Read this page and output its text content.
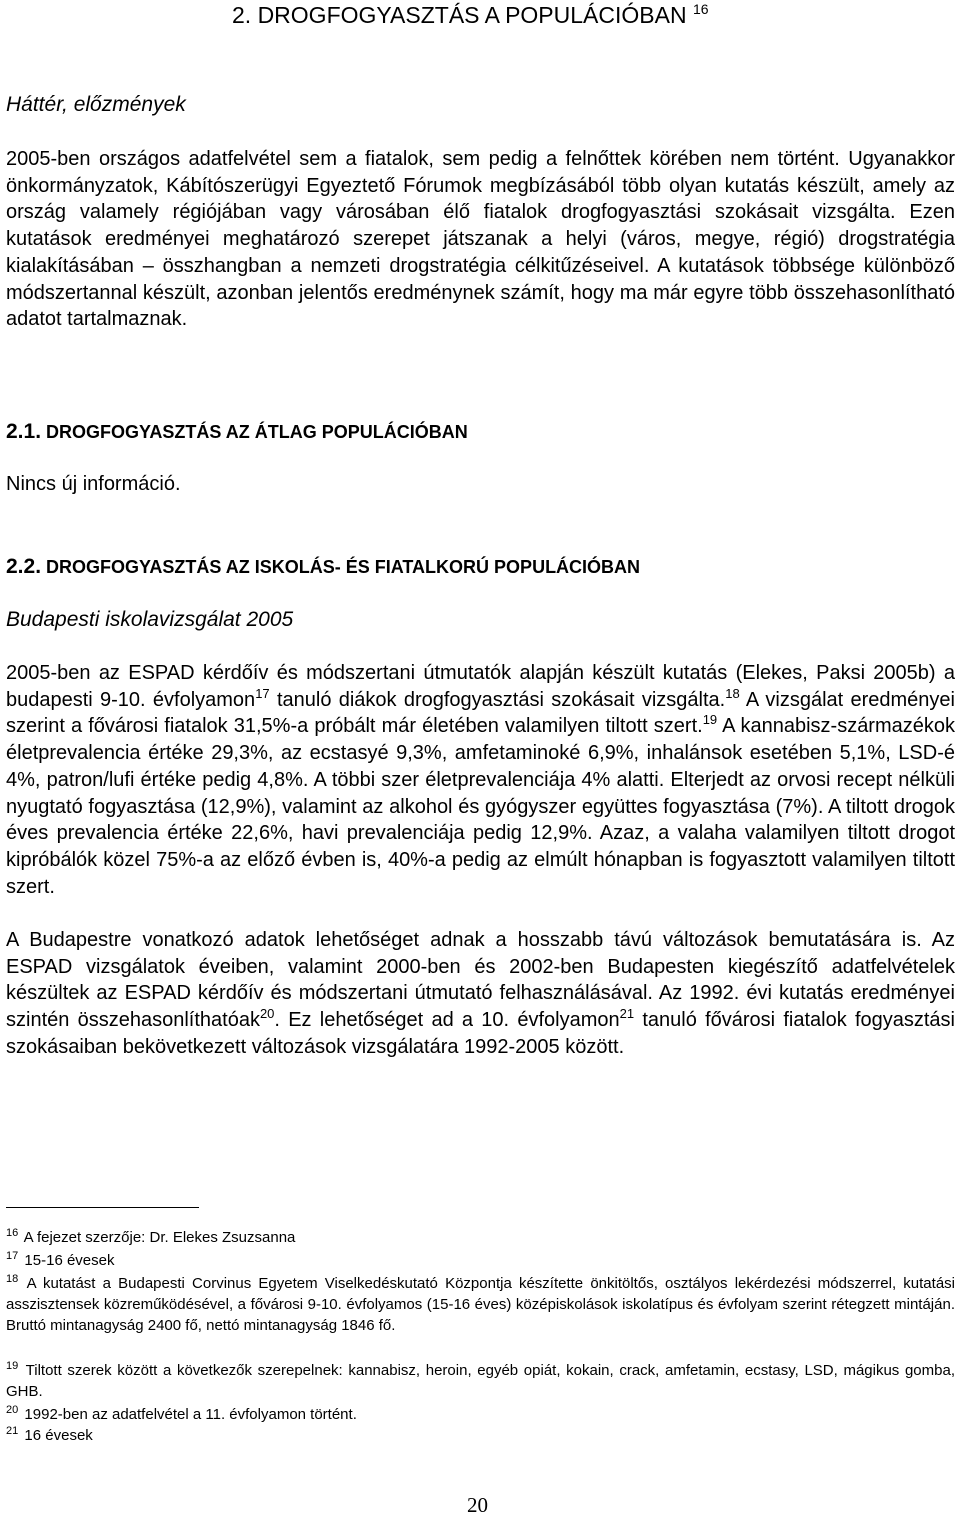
2. DROGFOGYASZTÁS A POPULÁCIÓBAN $^{16}$
Háttér, előzmények
2005-ben országos adatfelvétel sem a fiatalok, sem pedig a felnőttek körében nem történt. Ugyanakkor önkormányzatok, Kábítószerügyi Egyeztető Fórumok megbízásából több olyan kutatás készült, amely az ország valamely régiójában vagy városában élő fiatalok drogfogyasztási szokásait vizsgálta. Ezen kutatások eredményei meghatározó szerepet játszanak a helyi (város, megye, régió) drogstratégia kialakításában – összhangban a nemzeti drogstratégia célkitűzéseivel. A kutatások többsége különböző módszertannal készült, azonban jelentős eredménynek számít, hogy ma már egyre több összehasonlítható adatot tartalmaznak.
2.1. DROGFOGYASZTÁS AZ ÁTLAG POPULÁCIÓBAN
Nincs új információ.
2.2. DROGFOGYASZTÁS AZ ISKOLÁS- ÉS FIATALKORÚ POPULÁCIÓBAN
Budapesti iskolavizsgálat 2005
2005-ben az ESPAD kérdőív és módszertani útmutatók alapján készült kutatás (Elekes, Paksi 2005b) a budapesti 9-10. évfolyamon$^{17}$ tanuló diákok drogfogyasztási szokásait vizsgálta.$^{18}$ A vizsgálat eredményei szerint a fővárosi fiatalok 31,5%-a próbált már életében valamilyen tiltott szert.$^{19}$ A kannabisz-származékok életprevalencia értéke 29,3%, az ecstasyé 9,3%, amfetaminoké 6,9%, inhalánsok esetében 5,1%, LSD-é 4%, patron/lufi értéke pedig 4,8%. A többi szer életprevalenciája 4% alatti. Elterjedt az orvosi recept nélküli nyugtató fogyasztása (12,9%), valamint az alkohol és gyógyszer együttes fogyasztása (7%). A tiltott drogok éves prevalencia értéke 22,6%, havi prevalenciája pedig 12,9%. Azaz, a valaha valamilyen tiltott drogot kipróbálók közel 75%-a az előző évben is, 40%-a pedig az elmúlt hónapban is fogyasztott valamilyen tiltott szert.
A Budapestre vonatkozó adatok lehetőséget adnak a hosszabb távú változások bemutatására is. Az ESPAD vizsgálatok éveiben, valamint 2000-ben és 2002-ben Budapesten kiegészítő adatfelvételek készültek az ESPAD kérdőív és módszertani útmutató felhasználásával. Az 1992. évi kutatás eredményei szintén összehasonlíthatóak$^{20}$. Ez lehetőséget ad a 10. évfolyamon$^{21}$ tanuló fővárosi fiatalok fogyasztási szokásaiban bekövetkezett változások vizsgálatára 1992-2005 között.
$^{16}$ A fejezet szerzője: Dr. Elekes Zsuzsanna
$^{17}$ 15-16 évesek
$^{18}$ A kutatást a Budapesti Corvinus Egyetem Viselkedéskutató Központja készítette önkitöltős, osztályos lekérdezési módszerrel, kutatási asszisztensek közreműködésével, a fővárosi 9-10. évfolyamos (15-16 éves) középiskolások iskolatípus és évfolyam szerint rétegzett mintáján. Bruttó mintanagyság 2400 fő, nettó mintanagyság 1846 fő.
$^{19}$ Tiltott szerek között a következők szerepelnek: kannabisz, heroin, egyéb opiát, kokain, crack, amfetamin, ecstasy, LSD, mágikus gomba, GHB.
$^{20}$ 1992-ben az adatfelvétel a 11. évfolyamon történt.
$^{21}$ 16 évesek
20
